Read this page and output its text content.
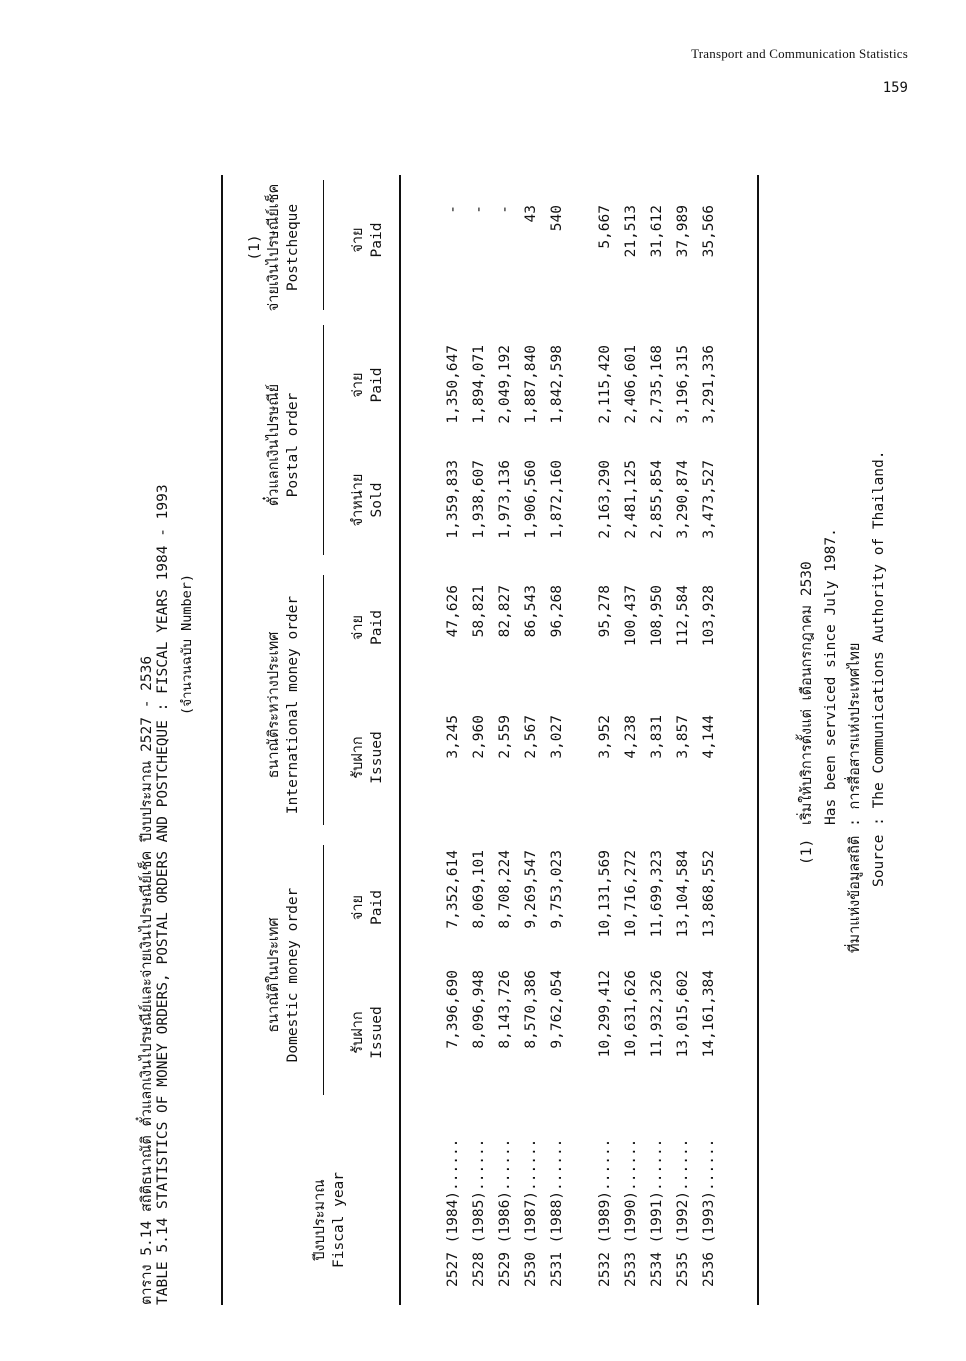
Transport and Communication Statistics
159
ตาราง 5.14 สถิติธนาณัติ ตั๋วแลกเงินไปรษณีย์และจ่ายเงินไปรษณีย์เช็ค ปีงบประมาณ 2527 - 2536 TABLE 5.14 STATISTICS OF MONEY ORDERS, POSTAL ORDERS AND POSTCHEQUE : FISCAL YEARS 1984 - 1993 (จำนวนฉบับ Number)
ปีงบประมาณ Fiscal year
ธนาณัติในประเทศ Domestic money order
ธนาณัติระหว่างประเทศ International money order
ตั๋วแลกเงินไปรษณีย์ Postal order
(1) จ่ายเงินไปรษณีย์เช็ค Postcheque
รับฝาก Issued
จ่าย Paid
รับฝาก Issued
จ่าย Paid
จำหน่าย Sold
จ่าย Paid
จ่าย Paid
2527 (1984)......
7,396,690
7,352,614
3,245
47,626
1,359,833
1,350,647
-
2528 (1985)......
8,096,948
8,069,101
2,960
58,821
1,938,607
1,894,071
-
2529 (1986)......
8,143,726
8,708,224
2,559
82,827
1,973,136
2,049,192
-
2530 (1987)......
8,570,386
9,269,547
2,567
86,543
1,906,560
1,887,840
43
2531 (1988)......
9,762,054
9,753,023
3,027
96,268
1,872,160
1,842,598
540
2532 (1989)......
10,299,412
10,131,569
3,952
95,278
2,163,290
2,115,420
5,667
2533 (1990)......
10,631,626
10,716,272
4,238
100,437
2,481,125
2,406,601
21,513
2534 (1991)......
11,932,326
11,699,323
3,831
108,950
2,855,854
2,735,168
31,612
2535 (1992)......
13,015,602
13,104,584
3,857
112,584
3,290,874
3,196,315
37,989
2536 (1993)......
14,161,384
13,868,552
4,144
103,928
3,473,527
3,291,336
35,566
(1)
เริ่มให้บริการตั้งแต่ เดือนกรกฎาคม 2530 Has been serviced since July 1987. ที่มาแห่งข้อมูลสถิติ : การสื่อสารแห่งประเทศไทย Source : The Communications Authority of Thailand.
